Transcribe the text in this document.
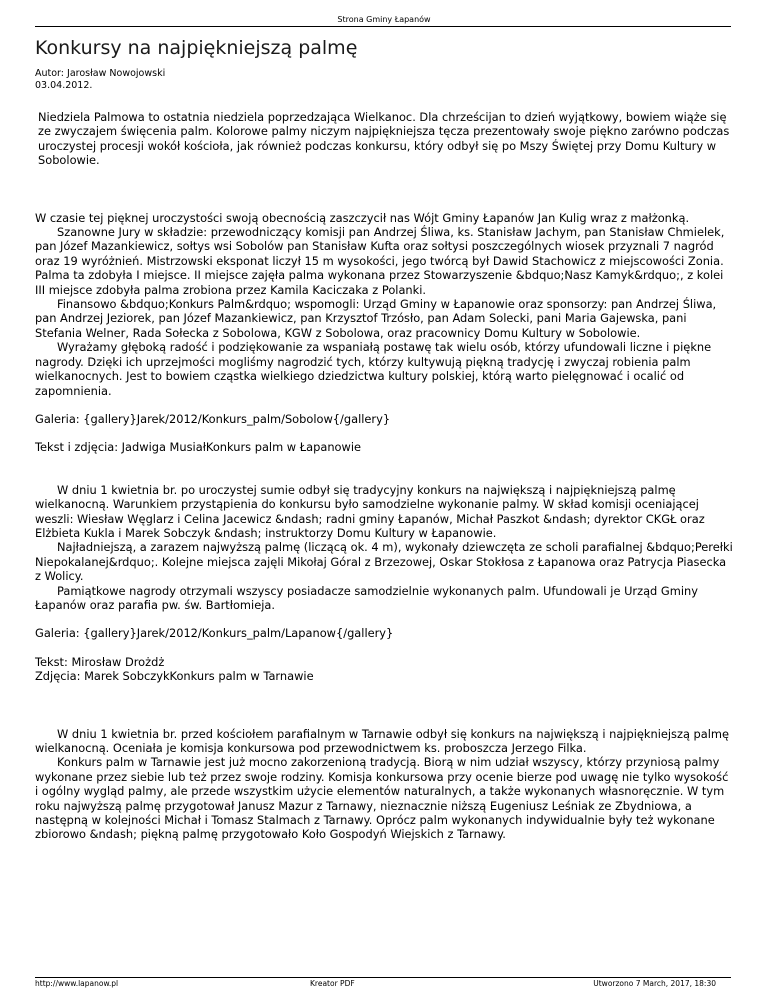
Strona Gminy Łapanów
Konkursy na najpiękniejszą palmę
Autor: Jarosław Nowojowski
03.04.2012.

Niedziela Palmowa to ostatnia niedziela poprzedzająca Wielkanoc. Dla chrześcijan to dzień wyjątkowy, bowiem wiąże się ze zwyczajem święcenia palm. Kolorowe palmy niczym najpiękniejsza tęcza prezentowały swoje piękno zarówno podczas uroczystej procesji wokół kościoła, jak również podczas konkursu, który odbył się po Mszy Świętej przy Domu Kultury w Sobolowie.

W czasie tej pięknej uroczystości swoją obecnością zaszczycił nas Wójt Gminy Łapanów Jan Kulig wraz z małżonką.

Szanowne Jury w składzie: przewodniczący komisji pan Andrzej Śliwa, ks. Stanisław Jachym, pan Stanisław Chmielek, pan Józef Mazankiewicz, sołtys wsi Sobolów pan Stanisław Kufta oraz sołtysi poszczególnych wiosek przyznali 7 nagród oraz 19 wyróżnień. Mistrzowski eksponat liczył 15 m wysokości, jego twórcą był Dawid Stachowicz z miejscowości Zonia. Palma ta zdobyła I miejsce. II miejsce zajęła palma wykonana przez Stowarzyszenie &bdquo;Nasz Kamyk&rdquo;, z kolei III miejsce zdobyła palma zrobiona przez Kamila Kaciczaka z Polanki.

Finansowo &bdquo;Konkurs Palm&rdquo; wspomogli: Urząd Gminy w Łapanowie oraz sponsorzy: pan Andrzej Śliwa, pan Andrzej Jeziorek, pan Józef Mazankiewicz, pan Krzysztof Trzósło, pan Adam Solecki, pani Maria Gajewska, pani Stefania Welner, Rada Sołecka z Sobolowa, KGW z Sobolowa, oraz pracownicy Domu Kultury w Sobolowie.

Wyrażamy głęboką radość i podziękowanie za wspaniałą postawę tak wielu osób, którzy ufundowali liczne i piękne nagrody. Dzięki ich uprzejmości mogliśmy nagrodzić tych, którzy kultywują piękną tradycję i zwyczaj robienia palm wielkanocnych. Jest to bowiem cząstka wielkiego dziedzictwa kultury polskiej, którą warto pielęgnować i ocalić od zapomnienia.

Galeria: {gallery}Jarek/2012/Konkurs_palm/Sobolow{/gallery}

Tekst i zdjęcia: Jadwiga MusiałKonkurs palm w Łapanowie

W dniu 1 kwietnia br. po uroczystej sumie odbył się tradycyjny konkurs na największą i najpiękniejszą palmę wielkanocną. Warunkiem przystąpienia do konkursu było samodzielne wykonanie palmy. W skład komisji oceniającej weszli: Wiesław Węglarz i Celina Jacewicz &ndash; radni gminy Łapanów, Michał Paszkot &ndash; dyrektor CKGŁ oraz Elżbieta Kukla i Marek Sobczyk &ndash; instruktorzy Domu Kultury w Łapanowie.

Najładniejszą, a zarazem najwyższą palmę (liczącą ok. 4 m), wykonały dziewczęta ze scholi parafialnej &bdquo;Perełki Niepokalanej&rdquo;. Kolejne miejsca zajęli Mikołaj Góral z Brzezowej, Oskar Stokłosa z Łapanowa oraz Patrycja Piasecka z Wolicy.

Pamiątkowe nagrody otrzymali wszyscy posiadacze samodzielnie wykonanych palm. Ufundowali je Urząd Gminy Łapanów oraz parafia pw. św. Bartłomieja.

Galeria: {gallery}Jarek/2012/Konkurs_palm/Lapanow{/gallery}

Tekst: Mirosław Drożdż

Zdjęcia: Marek SobczykKonkurs palm w Tarnawie

W dniu 1 kwietnia br. przed kościołem parafialnym w Tarnawie odbył się konkurs na największą i najpiękniejszą palmę wielkanocną. Oceniała je komisja konkursowa pod przewodnictwem ks. proboszcza Jerzego Filka.

Konkurs palm w Tarnawie jest już mocno zakorzenioną tradycją. Biorą w nim udział wszyscy, którzy przyniosą palmy wykonane przez siebie lub też przez swoje rodziny. Komisja konkursowa przy ocenie bierze pod uwagę nie tylko wysokość i ogólny wygląd palmy, ale przede wszystkim użycie elementów naturalnych, a także wykonanych własnoręcznie. W tym roku najwyższą palmę przygotował Janusz Mazur z Tarnawy, nieznacznie niższą Eugeniusz Leśniak ze Zbydniowa, a następną w kolejności Michał i Tomasz Stalmach z Tarnawy. Oprócz palm wykonanych indywidualnie były też wykonane zbiorowo &ndash; piękną palmę przygotowało Koło Gospodyń Wiejskich z Tarnawy.

http://www.lapanow.pl	Kreator PDF	Utworzono 7 March, 2017, 18:30
